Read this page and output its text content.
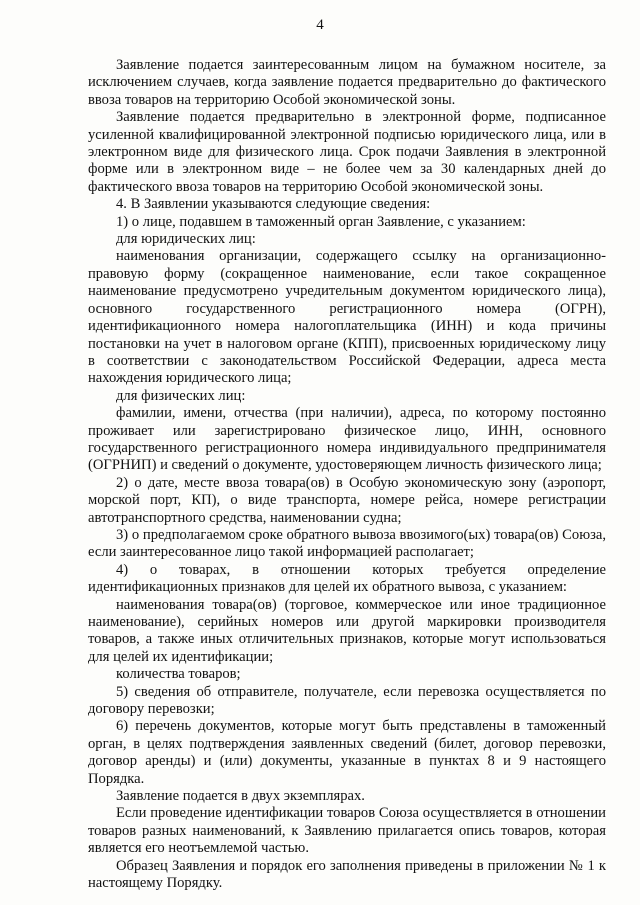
4

Заявление подается заинтересованным лицом на бумажном носителе, за исключением случаев, когда заявление подается предварительно до фактического ввоза товаров на территорию Особой экономической зоны.

Заявление подается предварительно в электронной форме, подписанное усиленной квалифицированной электронной подписью юридического лица, или в электронном виде для физического лица. Срок подачи Заявления в электронной форме или в электронном виде – не более чем за 30 календарных дней до фактического ввоза товаров на территорию Особой экономической зоны.

4. В Заявлении указываются следующие сведения:

1) о лице, подавшем в таможенный орган Заявление, с указанием:

для юридических лиц:

наименования организации, содержащего ссылку на организационно-правовую форму (сокращенное наименование, если такое сокращенное наименование предусмотрено учредительным документом юридического лица), основного государственного регистрационного номера (ОГРН), идентификационного номера налогоплательщика (ИНН) и кода причины постановки на учет в налоговом органе (КПП), присвоенных юридическому лицу в соответствии с законодательством Российской Федерации, адреса места нахождения юридического лица;

для физических лиц:

фамилии, имени, отчества (при наличии), адреса, по которому постоянно проживает или зарегистрировано физическое лицо, ИНН, основного государственного регистрационного номера индивидуального предпринимателя (ОГРНИП) и сведений о документе, удостоверяющем личность физического лица;

2) о дате, месте ввоза товара(ов) в Особую экономическую зону (аэропорт, морской порт, КП), о виде транспорта, номере рейса, номере регистрации автотранспортного средства, наименовании судна;

3) о предполагаемом сроке обратного вывоза ввозимого(ых) товара(ов) Союза, если заинтересованное лицо такой информацией располагает;

4) о товарах, в отношении которых требуется определение идентификационных признаков для целей их обратного вывоза, с указанием:

наименования товара(ов) (торговое, коммерческое или иное традиционное наименование), серийных номеров или другой маркировки производителя товаров, а также иных отличительных признаков, которые могут использоваться для целей их идентификации;

количества товаров;

5) сведения об отправителе, получателе, если перевозка осуществляется по договору перевозки;

6) перечень документов, которые могут быть представлены в таможенный орган, в целях подтверждения заявленных сведений (билет, договор перевозки, договор аренды) и (или) документы, указанные в пунктах 8 и 9 настоящего Порядка.

Заявление подается в двух экземплярах.

Если проведение идентификации товаров Союза осуществляется в отношении товаров разных наименований, к Заявлению прилагается опись товаров, которая является его неотъемлемой частью.

Образец Заявления и порядок его заполнения приведены в приложении № 1 к настоящему Порядку.
